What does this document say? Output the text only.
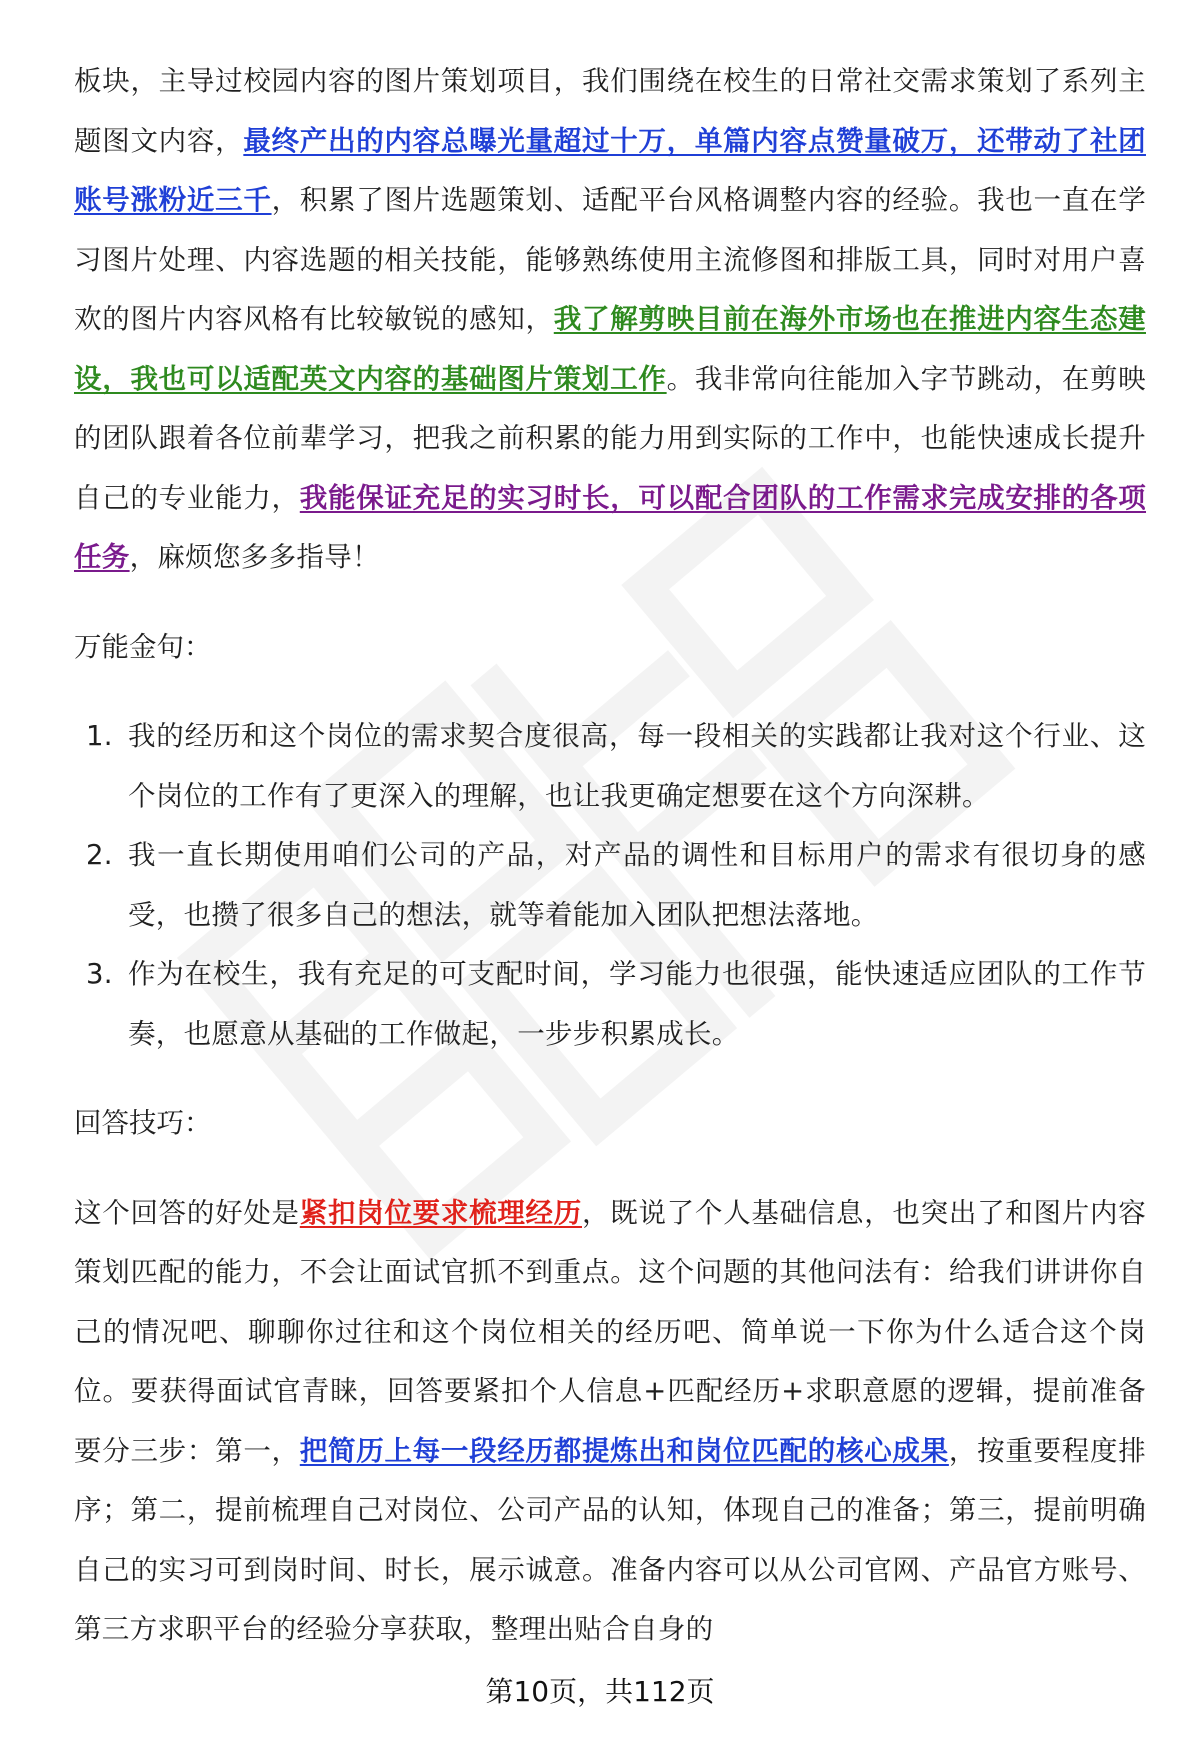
板块，主导过校园内容的图片策划项目，我们围绕在校生的日常社交需求策划了系列主题图文内容，最终产出的内容总曝光量超过十万，单篇内容点赞量破万，还带动了社团账号涨粉近三千，积累了图片选题策划、适配平台风格调整内容的经验。我也一直在学习图片处理、内容选题的相关技能，能够熟练使用主流修图和排版工具，同时对用户喜欢的图片内容风格有比较敏锐的感知，我了解剪映目前在海外市场也在推进内容生态建设，我也可以适配英文内容的基础图片策划工作。我非常向往能加入字节跳动，在剪映的团队跟着各位前辈学习，把我之前积累的能力用到实际的工作中，也能快速成长提升自己的专业能力，我能保证充足的实习时长，可以配合团队的工作需求完成安排的各项任务，麻烦您多多指导！

万能金句：

1. 我的经历和这个岗位的需求契合度很高，每一段相关的实践都让我对这个行业、这个岗位的工作有了更深入的理解，也让我更确定想要在这个方向深耕。
2. 我一直长期使用咱们公司的产品，对产品的调性和目标用户的需求有很切身的感受，也攒了很多自己的想法，就等着能加入团队把想法落地。
3. 作为在校生，我有充足的可支配时间，学习能力也很强，能快速适应团队的工作节奏，也愿意从基础的工作做起，一步步积累成长。

回答技巧：

这个回答的好处是紧扣岗位要求梳理经历，既说了个人基础信息，也突出了和图片内容策划匹配的能力，不会让面试官抓不到重点。这个问题的其他问法有：给我们讲讲你自己的情况吧、聊聊你过往和这个岗位相关的经历吧、简单说一下你为什么适合这个岗位。要获得面试官青睐，回答要紧扣个人信息+匹配经历+求职意愿的逻辑，提前准备要分三步：第一，把简历上每一段经历都提炼出和岗位匹配的核心成果，按重要程度排序；第二，提前梳理自己对岗位、公司产品的认知，体现自己的准备；第三，提前明确自己的实习可到岗时间、时长，展示诚意。准备内容可以从公司官网、产品官方账号、第三方求职平台的经验分享获取，整理出贴合自身的

第10页，共112页
